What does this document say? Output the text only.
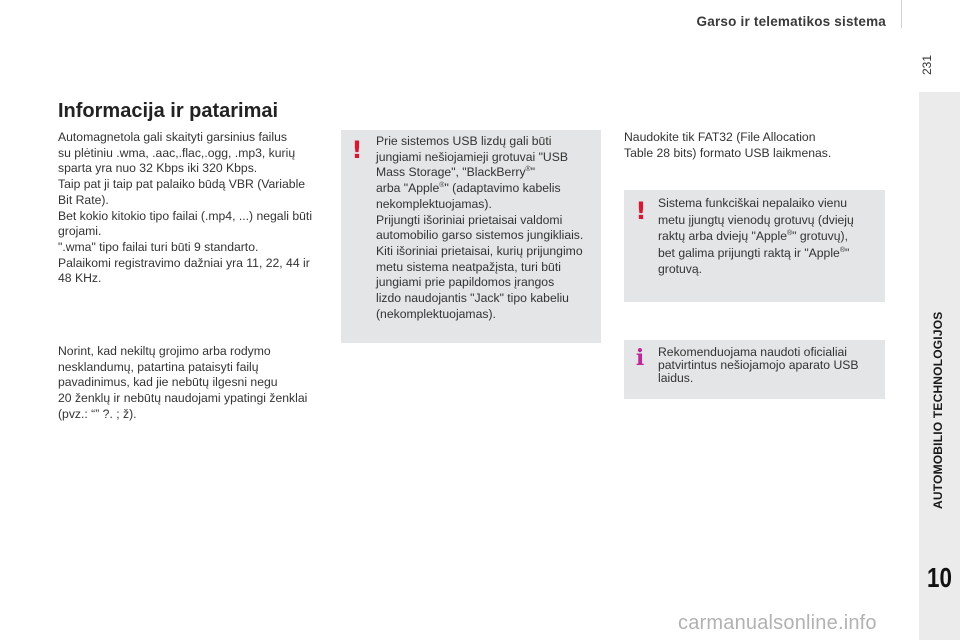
Garso ir telematikos sistema
231
AUTOMOBILIO TECHNOLOGIJOS
10
Informacija ir patarimai

Automagnetola gali skaityti garsinius failus

su plėtiniu .wma, .aac,.flac,.ogg, .mp3, kurių

sparta yra nuo 32 Kbps iki 320 Kbps.

Taip pat ji taip pat palaiko būdą VBR (Variable

Bit Rate).

Bet kokio kitokio tipo failai (.mp4, ...) negali būti

grojami.

".wma" tipo failai turi būti 9 standarto.

Palaikomi registravimo dažniai yra 11, 22, 44 ir

48 KHz.

Norint, kad nekiltų grojimo arba rodymo

nesklandumų, patartina pataisyti failų

pavadinimus, kad jie nebūtų ilgesni negu

20 ženklų ir nebūtų naudojami ypatingi ženklai

(pvz.: “” ?. ; ž).

! Prie sistemos USB lizdų gali būti

jungiami nešiojamieji grotuvai "USB

Mass Storage", "BlackBerry®"

arba "Apple®" (adaptavimo kabelis

nekomplektuojamas).

Prijungti išoriniai prietaisai valdomi

automobilio garso sistemos jungikliais.

Kiti išoriniai prietaisai, kurių prijungimo

metu sistema neatpažįsta, turi būti

jungiami prie papildomos įrangos

lizdo naudojantis "Jack" tipo kabeliu

(nekomplektuojamas).

Naudokite tik FAT32 (File Allocation

Table 28 bits) formato USB laikmenas.

! Sistema funkciškai nepalaiko vienu

metu įjungtų vienodų grotuvų (dviejų

raktų arba dviejų "Apple®" grotuvų),

bet galima prijungti raktą ir "Apple®"

grotuvą.

i Rekomenduojama naudoti oficialiai

patvirtintus nešiojamojo aparato USB

laidus.

carmanualsonline.info
